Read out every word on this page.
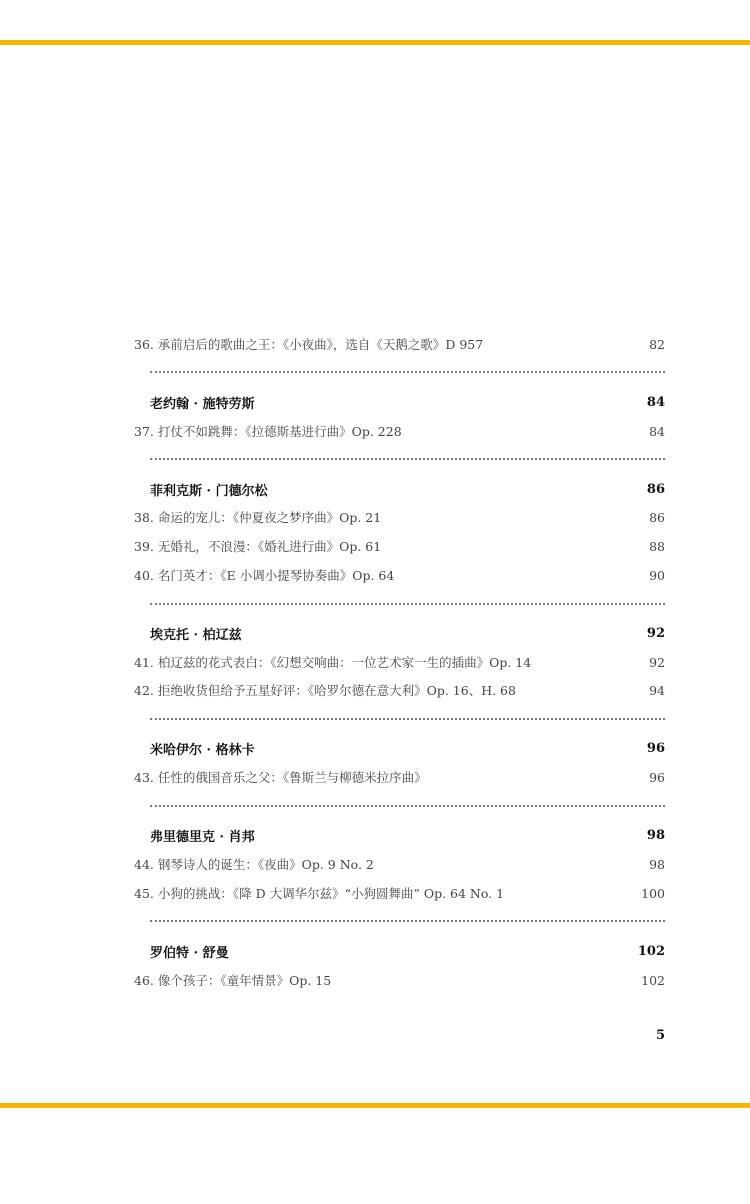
36. 承前启后的歌曲之王：《小夜曲》，选自《天鹅之歌》D 957	82
老约翰 · 施特劳斯	84
37. 打仗不如跳舞：《拉德斯基进行曲》Op. 228	84
菲利克斯 · 门德尔松	86
38. 命运的宠儿：《仲夏夜之梦序曲》Op. 21	86
39. 无婚礼，不浪漫：《婚礼进行曲》Op. 61	88
40. 名门英才：《E 小调小提琴协奏曲》Op. 64	90
埃克托 · 柏辽兹	92
41. 柏辽兹的花式表白：《幻想交响曲：一位艺术家一生的插曲》Op. 14	92
42. 拒绝收货但给予五星好评：《哈罗尔德在意大利》Op. 16、H. 68	94
米哈伊尔 · 格林卡	96
43. 任性的俄国音乐之父：《鲁斯兰与柳德米拉序曲》	96
弗里德里克 · 肖邦	98
44. 钢琴诗人的诞生：《夜曲》Op. 9 No. 2	98
45. 小狗的挑战：《降 D 大调华尔兹》“小狗圆舞曲” Op. 64 No. 1	100
罗伯特 · 舒曼	102
46. 像个孩子：《童年情景》Op. 15	102
5
